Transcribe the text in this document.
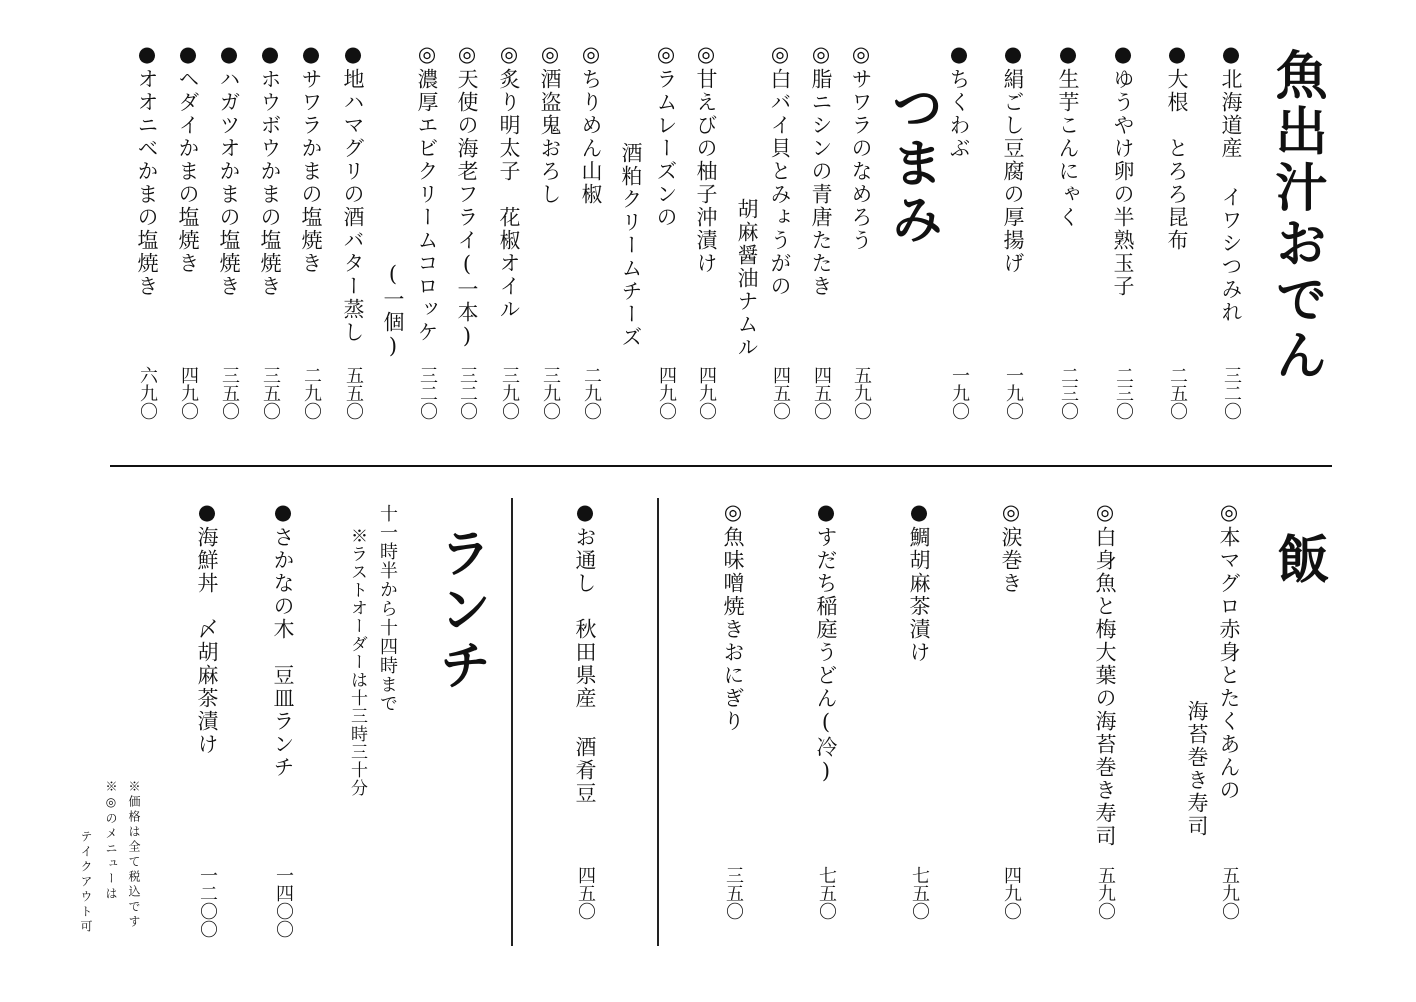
魚出汁おでん
●北海道産 イワシつみれ
三二〇
●大根　とろろ昆布
二五〇
●ゆうやけ卵の半熟玉子
二三〇
●生芋こんにゃく
二三〇
●絹ごし豆腐の厚揚げ
一九〇
●ちくわぶ
一九〇
つまみ
◎サワラのなめろう
五九〇
◎脂ニシンの青唐たたき
四五〇
◎白バイ貝とみょうがの
胡麻醤油ナムル
四五〇
◎甘えびの柚子沖漬け
四九〇
◎ラムレーズンの
酒粕クリームチーズ
四九〇
◎ちりめん山椒
二九〇
◎酒盗鬼おろし
三九〇
◎炙り明太子　花椒オイル
三九〇
◎天使の海老フライ(一本)
三二〇
◎濃厚エビクリームコロッケ
(一個)
三二〇
●地ハマグリの酒バター蒸し
五五〇
●サワラかまの塩焼き
二九〇
●ホウボウかまの塩焼き
三五〇
●ハガツオかまの塩焼き
三五〇
●ヘダイかまの塩焼き
四九〇
●オオニベかまの塩焼き
六九〇
飯
◎本マグロ赤身とたくあんの
海苔巻き寿司
五九〇
◎白身魚と梅大葉の海苔巻き寿司
五九〇
◎涙巻き
四九〇
●鯛胡麻茶漬け
七五〇
●すだち稲庭うどん(冷)
七五〇
◎魚味噌焼きおにぎり
三五〇
●お通し　秋田県産 酒肴豆
四五〇
ランチ
十一時半から十四時まで
※ラストオーダーは十三時三十分
●さかなの木　豆皿ランチ
一四〇〇
●海鮮丼　〆胡麻茶漬け
一二〇〇
※価格は全て税込です
※◎のメニューは
テイクアウト可
